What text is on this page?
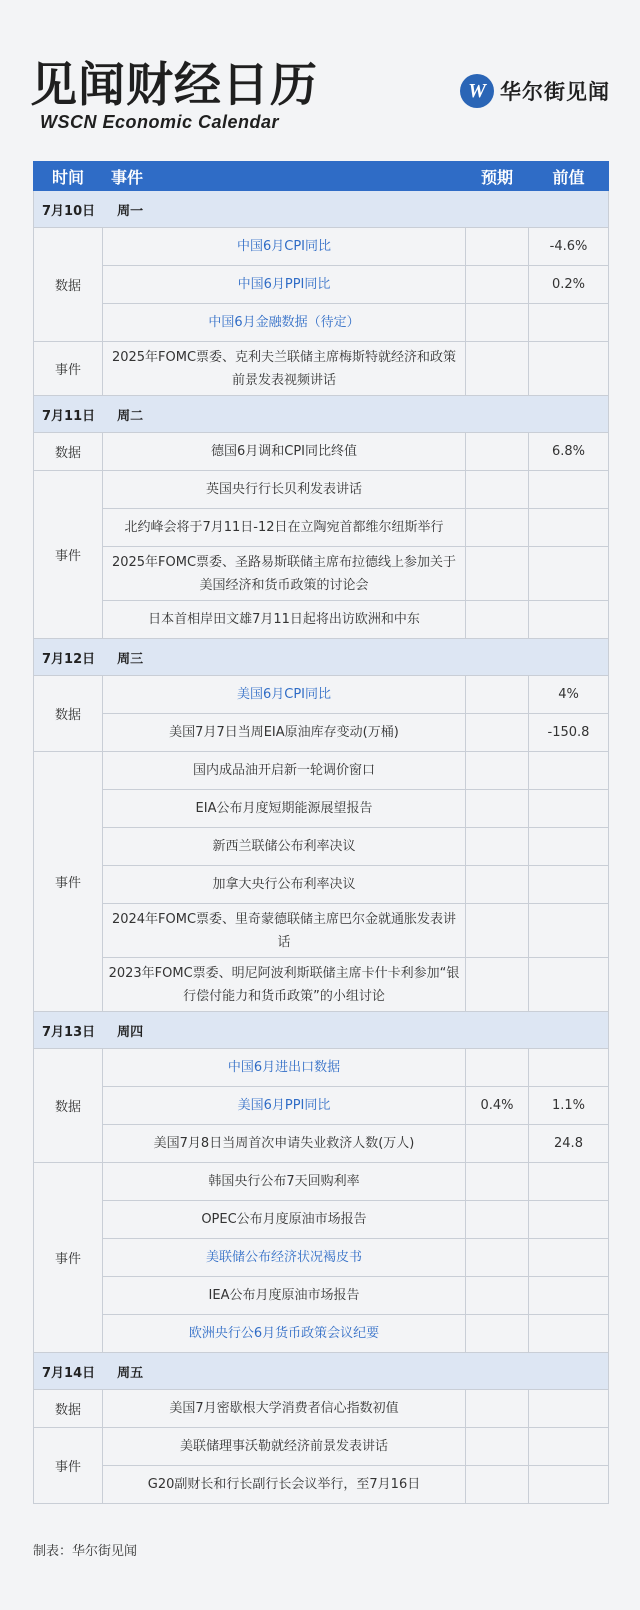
见闻财经日历
WSCN Economic Calendar
W 华尔街见闻
时间	事件	预期	前值
7月10日 周一			
数据	中国6月CPI同比		-4.6%
	中国6月PPI同比		0.2%
	中国6月金融数据（待定）		
事件	2025年FOMC票委、克利夫兰联储主席梅斯特就经济和政策前景发表视频讲话		
7月11日 周二			
数据	德国6月调和CPI同比终值		6.8%
事件	英国央行行长贝利发表讲话		
	北约峰会将于7月11日-12日在立陶宛首都维尔纽斯举行		
	2025年FOMC票委、圣路易斯联储主席布拉德线上参加关于美国经济和货币政策的讨论会		
	日本首相岸田文雄7月11日起将出访欧洲和中东		
7月12日 周三			
数据	美国6月CPI同比		4%
	美国7月7日当周EIA原油库存变动(万桶)		-150.8
事件	国内成品油开启新一轮调价窗口		
	EIA公布月度短期能源展望报告		
	新西兰联储公布利率决议		
	加拿大央行公布利率决议		
	2024年FOMC票委、里奇蒙德联储主席巴尔金就通胀发表讲话		
	2023年FOMC票委、明尼阿波利斯联储主席卡什卡利参加“银行偿付能力和货币政策”的小组讨论		
7月13日 周四			
数据	中国6月进出口数据		
	美国6月PPI同比	0.4%	1.1%
	美国7月8日当周首次申请失业救济人数(万人)		24.8
事件	韩国央行公布7天回购利率		
	OPEC公布月度原油市场报告		
	美联储公布经济状况褐皮书		
	IEA公布月度原油市场报告		
	欧洲央行公6月货币政策会议纪要		
7月14日 周五			
数据	美国7月密歇根大学消费者信心指数初值		
事件	美联储理事沃勒就经济前景发表讲话		
	G20副财长和行长副行长会议举行，至7月16日		
制表：华尔街见闻
